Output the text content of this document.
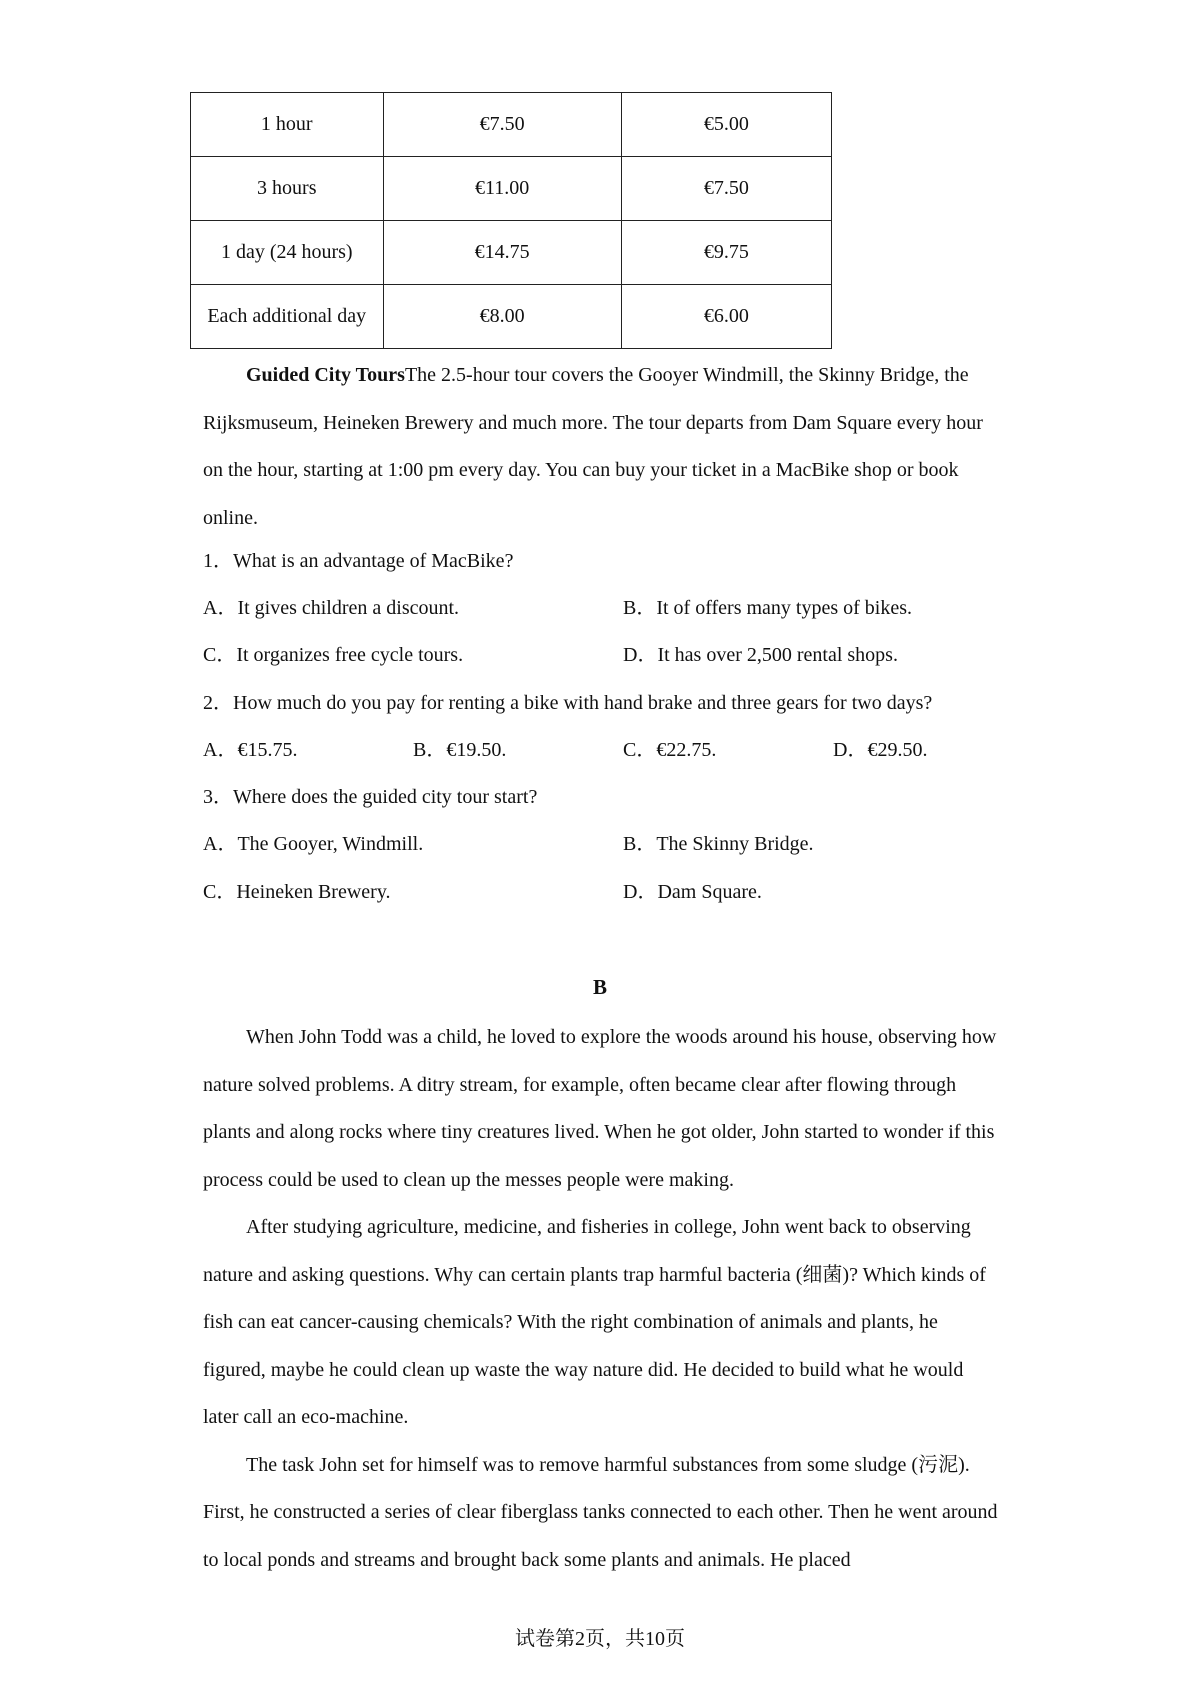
1 hour	€7.50	€5.00
3 hours	€11.00	€7.50
1 day (24 hours)	€14.75	€9.75
Each additional day	€8.00	€6.00

Guided City ToursThe 2.5-hour tour covers the Gooyer Windmill, the Skinny Bridge, the Rijksmuseum, Heineken Brewery and much more. The tour departs from Dam Square every hour on the hour, starting at 1:00 pm every day. You can buy your ticket in a MacBike shop or book online.

1．What is an advantage of MacBike?
A．It gives children a discount.	B．It of offers many types of bikes.
C．It organizes free cycle tours.	D．It has over 2,500 rental shops.
2．How much do you pay for renting a bike with hand brake and three gears for two days?
A．€15.75.	B．€19.50.	C．€22.75.	D．€29.50.
3．Where does the guided city tour start?
A．The Gooyer, Windmill.	B．The Skinny Bridge.
C．Heineken Brewery.	D．Dam Square.
B

When John Todd was a child, he loved to explore the woods around his house, observing how nature solved problems. A ditry stream, for example, often became clear after flowing through plants and along rocks where tiny creatures lived. When he got older, John started to wonder if this process could be used to clean up the messes people were making.

After studying agriculture, medicine, and fisheries in college, John went back to observing nature and asking questions. Why can certain plants trap harmful bacteria (细菌)? Which kinds of fish can eat cancer-causing chemicals? With the right combination of animals and plants, he figured, maybe he could clean up waste the way nature did. He decided to build what he would later call an eco-machine.

The task John set for himself was to remove harmful substances from some sludge (污泥). First, he constructed a series of clear fiberglass tanks connected to each other. Then he went around to local ponds and streams and brought back some plants and animals. He placed

试卷第2页，共10页
